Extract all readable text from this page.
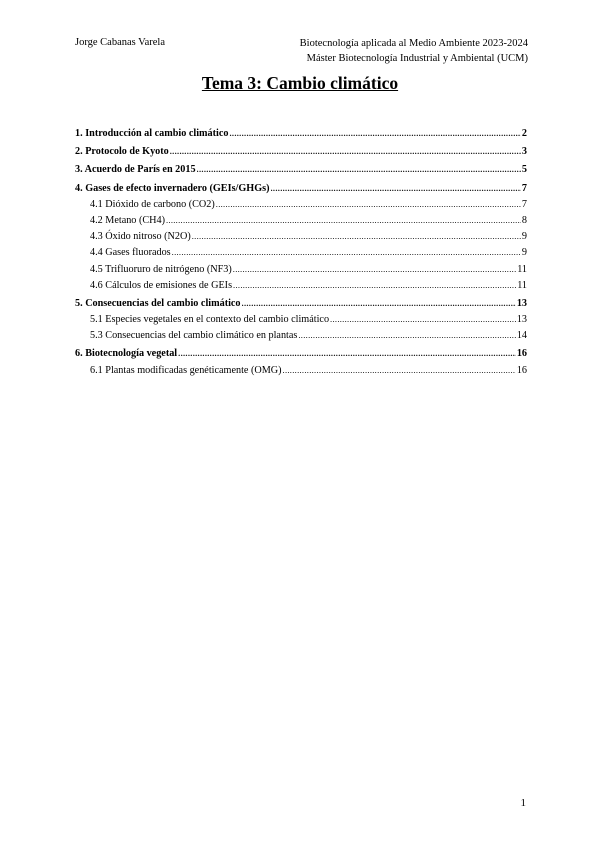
Jorge Cabanas Varela	Biotecnología aplicada al Medio Ambiente 2023-2024
Máster Biotecnología Industrial y Ambiental (UCM)
Tema 3: Cambio climático
1. Introducción al cambio climático .....	2
2. Protocolo de Kyoto .....	3
3. Acuerdo de París en 2015 .....	5
4. Gases de efecto invernadero (GEIs/GHGs) .....	7
4.1 Dióxido de carbono (CO2) .....	7
4.2 Metano (CH4) .....	8
4.3 Óxido nitroso (N2O) .....	9
4.4 Gases fluorados .....	9
4.5 Trifluoruro de nitrógeno (NF3) .....	11
4.6 Cálculos de emisiones de GEIs .....	11
5. Consecuencias del cambio climático .....	13
5.1 Especies vegetales en el contexto del cambio climático .....	13
5.3 Consecuencias del cambio climático en plantas .....	14
6. Biotecnología vegetal .....	16
6.1 Plantas modificadas genéticamente (OMG) .....	16
1
